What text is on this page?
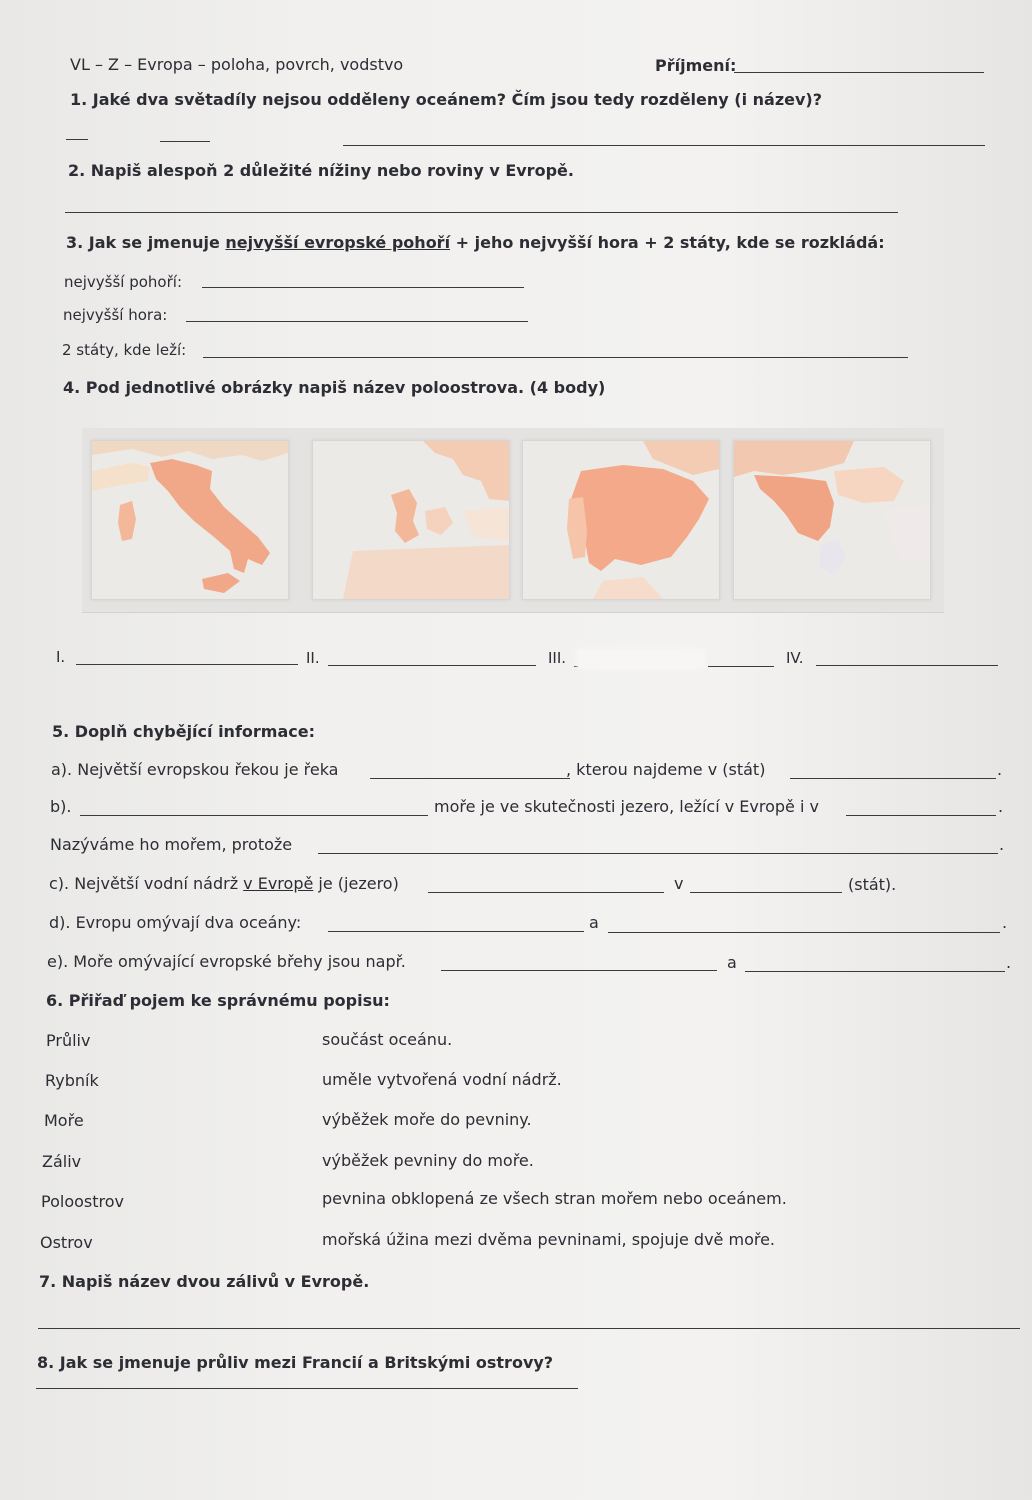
VL – Z – Evropa – poloha, povrch, vodstvo	Příjmení:
1. Jaké dva světadíly nejsou odděleny oceánem? Čím jsou tedy rozděleny (i název)?
2. Napiš alespoň 2 důležité nížiny nebo roviny v Evropě.
3. Jak se jmenuje nejvyšší evropské pohoří + jeho nejvyšší hora + 2 státy, kde se rozkládá:
nejvyšší pohoří:
nejvyšší hora:
2 státy, kde leží:
4. Pod jednotlivé obrázky napiš název poloostrova. (4 body)
I.	II.	III.	IV.
5. Doplň chybějící informace:
a). Největší evropskou řekou je řeka	, kterou najdeme v (stát)	.
b).	moře je ve skutečnosti jezero, ležící v Evropě i v	.
Nazýváme ho mořem, protože	.
c). Největší vodní nádrž v Evropě je (jezero)	v	(stát).
d). Evropu omývají dva oceány:	a	.
e). Moře omývající evropské břehy jsou např.	a	.
6. Přiřaď pojem ke správnému popisu:
Průliv	součást oceánu.
Rybník	uměle vytvořená vodní nádrž.
Moře	výběžek moře do pevniny.
Záliv	výběžek pevniny do moře.
Poloostrov	pevnina obklopená ze všech stran mořem nebo oceánem.
Ostrov	mořská úžina mezi dvěma pevninami, spojuje dvě moře.
7. Napiš název dvou zálivů v Evropě.
8. Jak se jmenuje průliv mezi Francií a Britskými ostrovy?
